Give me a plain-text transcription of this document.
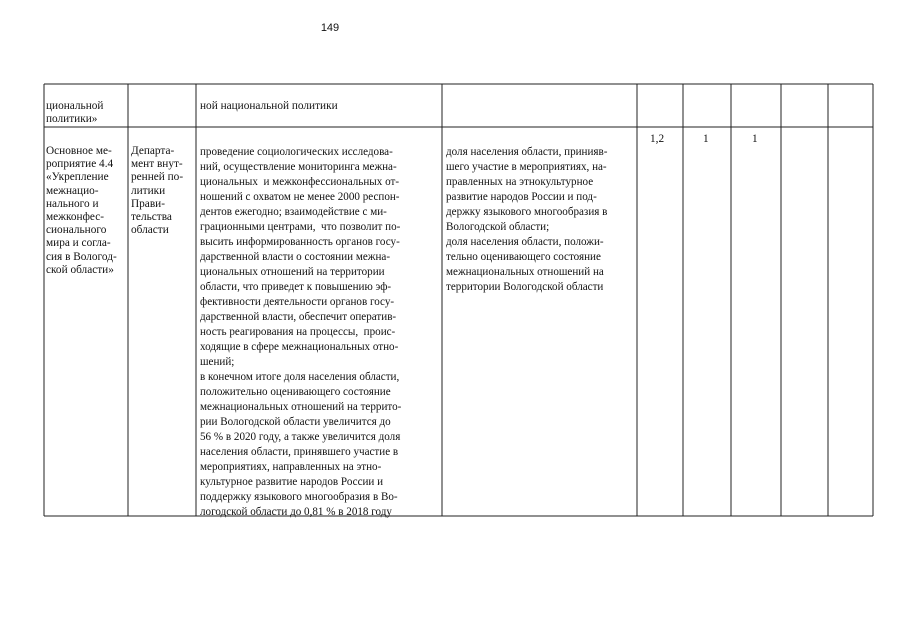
149
циональной
политики»
ной национальной политики
Основное ме-
роприятие 4.4
«Укрепление
межнацио-
нального и
межконфес-
сионального
мира и согла-
сия в Вологод-
ской области»
Департа-
мент внут-
ренней по-
литики
Прави-
тельства
области
проведение социологических исследова-
ний, осуществление мониторинга межна-
циональных  и межконфессиональных от-
ношений с охватом не менее 2000 респон-
дентов ежегодно; взаимодействие с ми-
грационными центрами,  что позволит по-
высить информированность органов госу-
дарственной власти о состоянии межна-
циональных отношений на территории
области, что приведет к повышению эф-
фективности деятельности органов госу-
дарственной власти, обеспечит оператив-
ность реагирования на процессы,  проис-
ходящие в сфере межнациональных отно-
шений;
в конечном итоге доля населения области,
положительно оценивающего состояние
межнациональных отношений на террито-
рии Вологодской области увеличится до
56 % в 2020 году, а также увеличится доля
населения области, принявшего участие в
мероприятиях, направленных на этно-
культурное развитие народов России и
поддержку языкового многообразия в Во-
логодской области до 0,81 % в 2018 году
доля населения области, принияв-
шего участие в мероприятиях, на-
правленных на этнокультурное
развитие народов России и под-
держку языкового многообразия в
Вологодской области;
доля населения области, положи-
тельно оценивающего состояние
межнациональных отношений на
территории Вологодской области
1,2	1	1
